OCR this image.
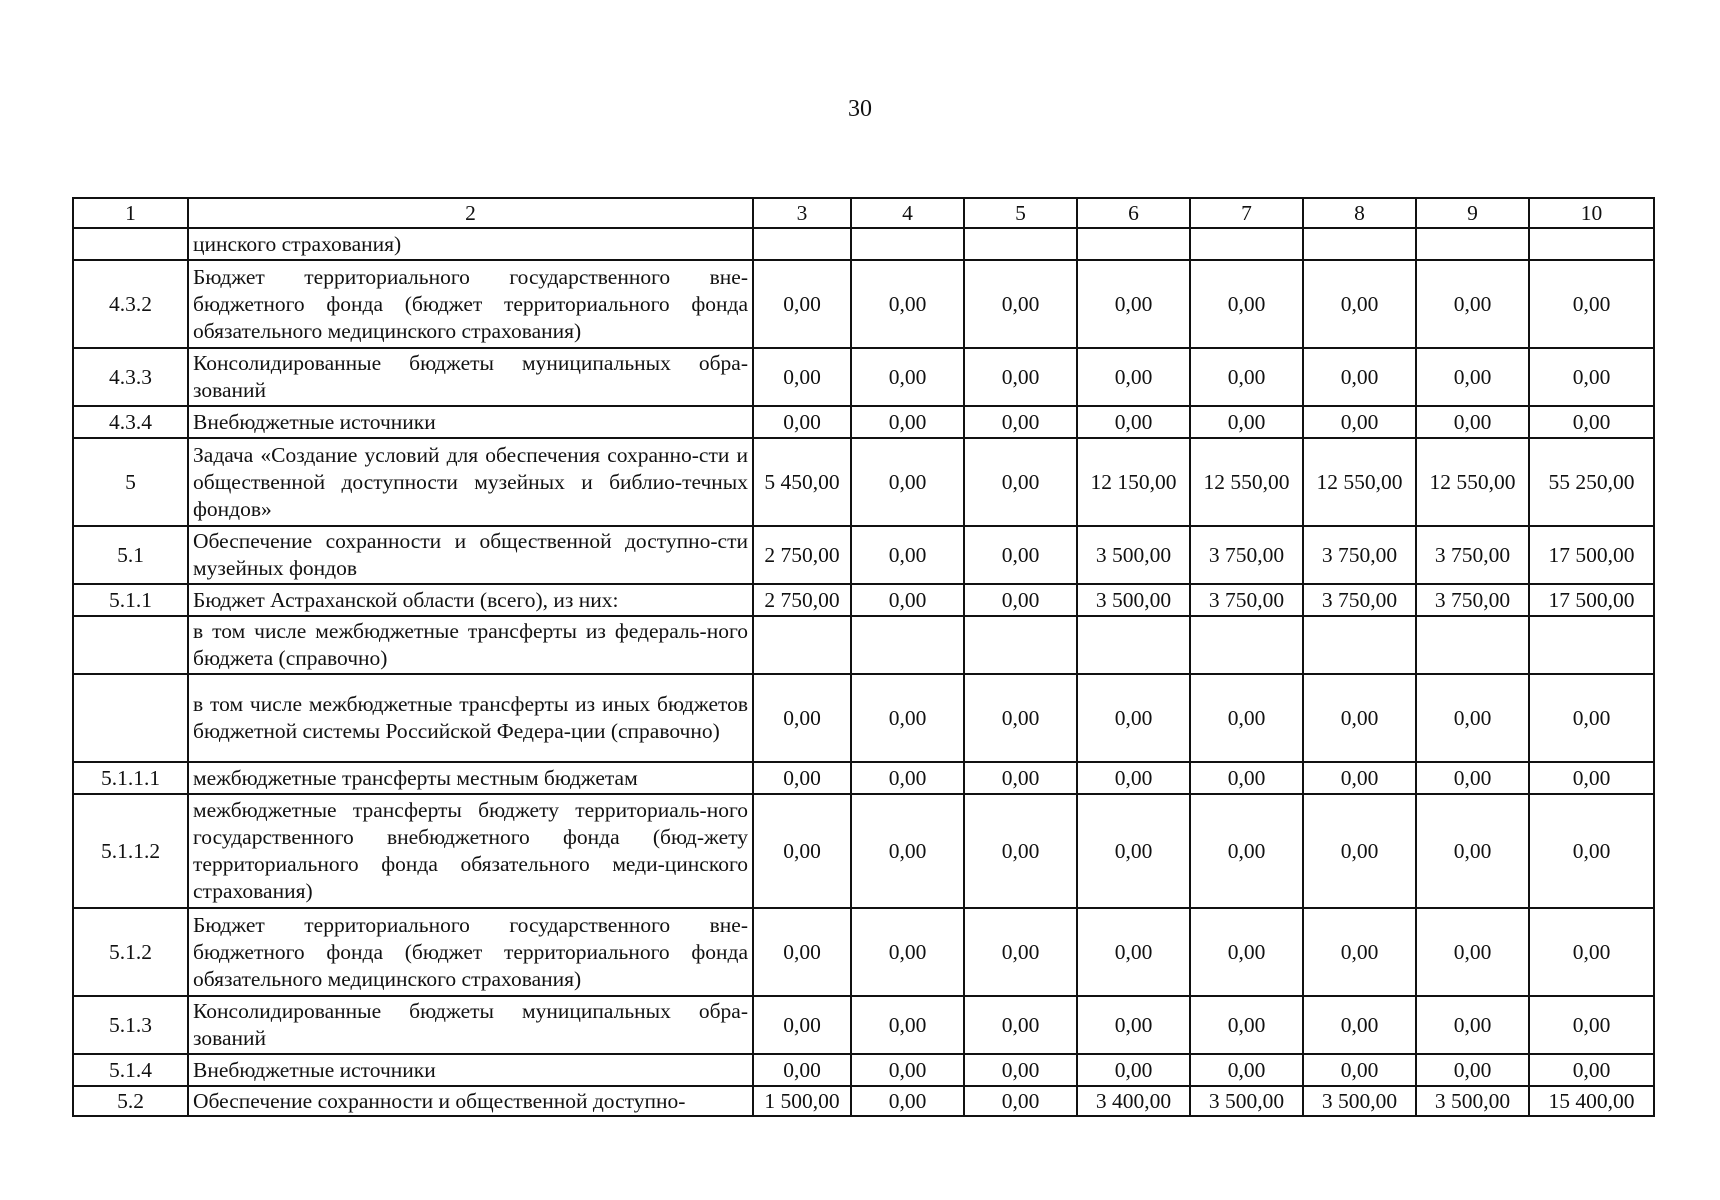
30
1	2	3	4	5	6	7	8	9	10
	цинского страхования)								
4.3.2	Бюджет территориального государственного вне-бюджетного фонда (бюджет территориального фонда обязательного медицинского страхования)	0,00	0,00	0,00	0,00	0,00	0,00	0,00	0,00
4.3.3	Консолидированные бюджеты муниципальных обра-зований	0,00	0,00	0,00	0,00	0,00	0,00	0,00	0,00
4.3.4	Внебюджетные источники	0,00	0,00	0,00	0,00	0,00	0,00	0,00	0,00
5	Задача «Создание условий для обеспечения сохранно-сти и общественной доступности музейных и библио-течных фондов»	5 450,00	0,00	0,00	12 150,00	12 550,00	12 550,00	12 550,00	55 250,00
5.1	Обеспечение сохранности и общественной доступно-сти музейных фондов	2 750,00	0,00	0,00	3 500,00	3 750,00	3 750,00	3 750,00	17 500,00
5.1.1	Бюджет Астраханской области (всего), из них:	2 750,00	0,00	0,00	3 500,00	3 750,00	3 750,00	3 750,00	17 500,00
	в том числе межбюджетные трансферты из федераль-ного бюджета (справочно)								
	в том числе межбюджетные трансферты из иных бюджетов бюджетной системы Российской Федера-ции (справочно)	0,00	0,00	0,00	0,00	0,00	0,00	0,00	0,00
5.1.1.1	межбюджетные трансферты местным бюджетам	0,00	0,00	0,00	0,00	0,00	0,00	0,00	0,00
5.1.1.2	межбюджетные трансферты бюджету территориаль-ного государственного внебюджетного фонда (бюд-жету территориального фонда обязательного меди-цинского страхования)	0,00	0,00	0,00	0,00	0,00	0,00	0,00	0,00
5.1.2	Бюджет территориального государственного вне-бюджетного фонда (бюджет территориального фонда обязательного медицинского страхования)	0,00	0,00	0,00	0,00	0,00	0,00	0,00	0,00
5.1.3	Консолидированные бюджеты муниципальных обра-зований	0,00	0,00	0,00	0,00	0,00	0,00	0,00	0,00
5.1.4	Внебюджетные источники	0,00	0,00	0,00	0,00	0,00	0,00	0,00	0,00
5.2	Обеспечение сохранности и общественной доступно-	1 500,00	0,00	0,00	3 400,00	3 500,00	3 500,00	3 500,00	15 400,00
